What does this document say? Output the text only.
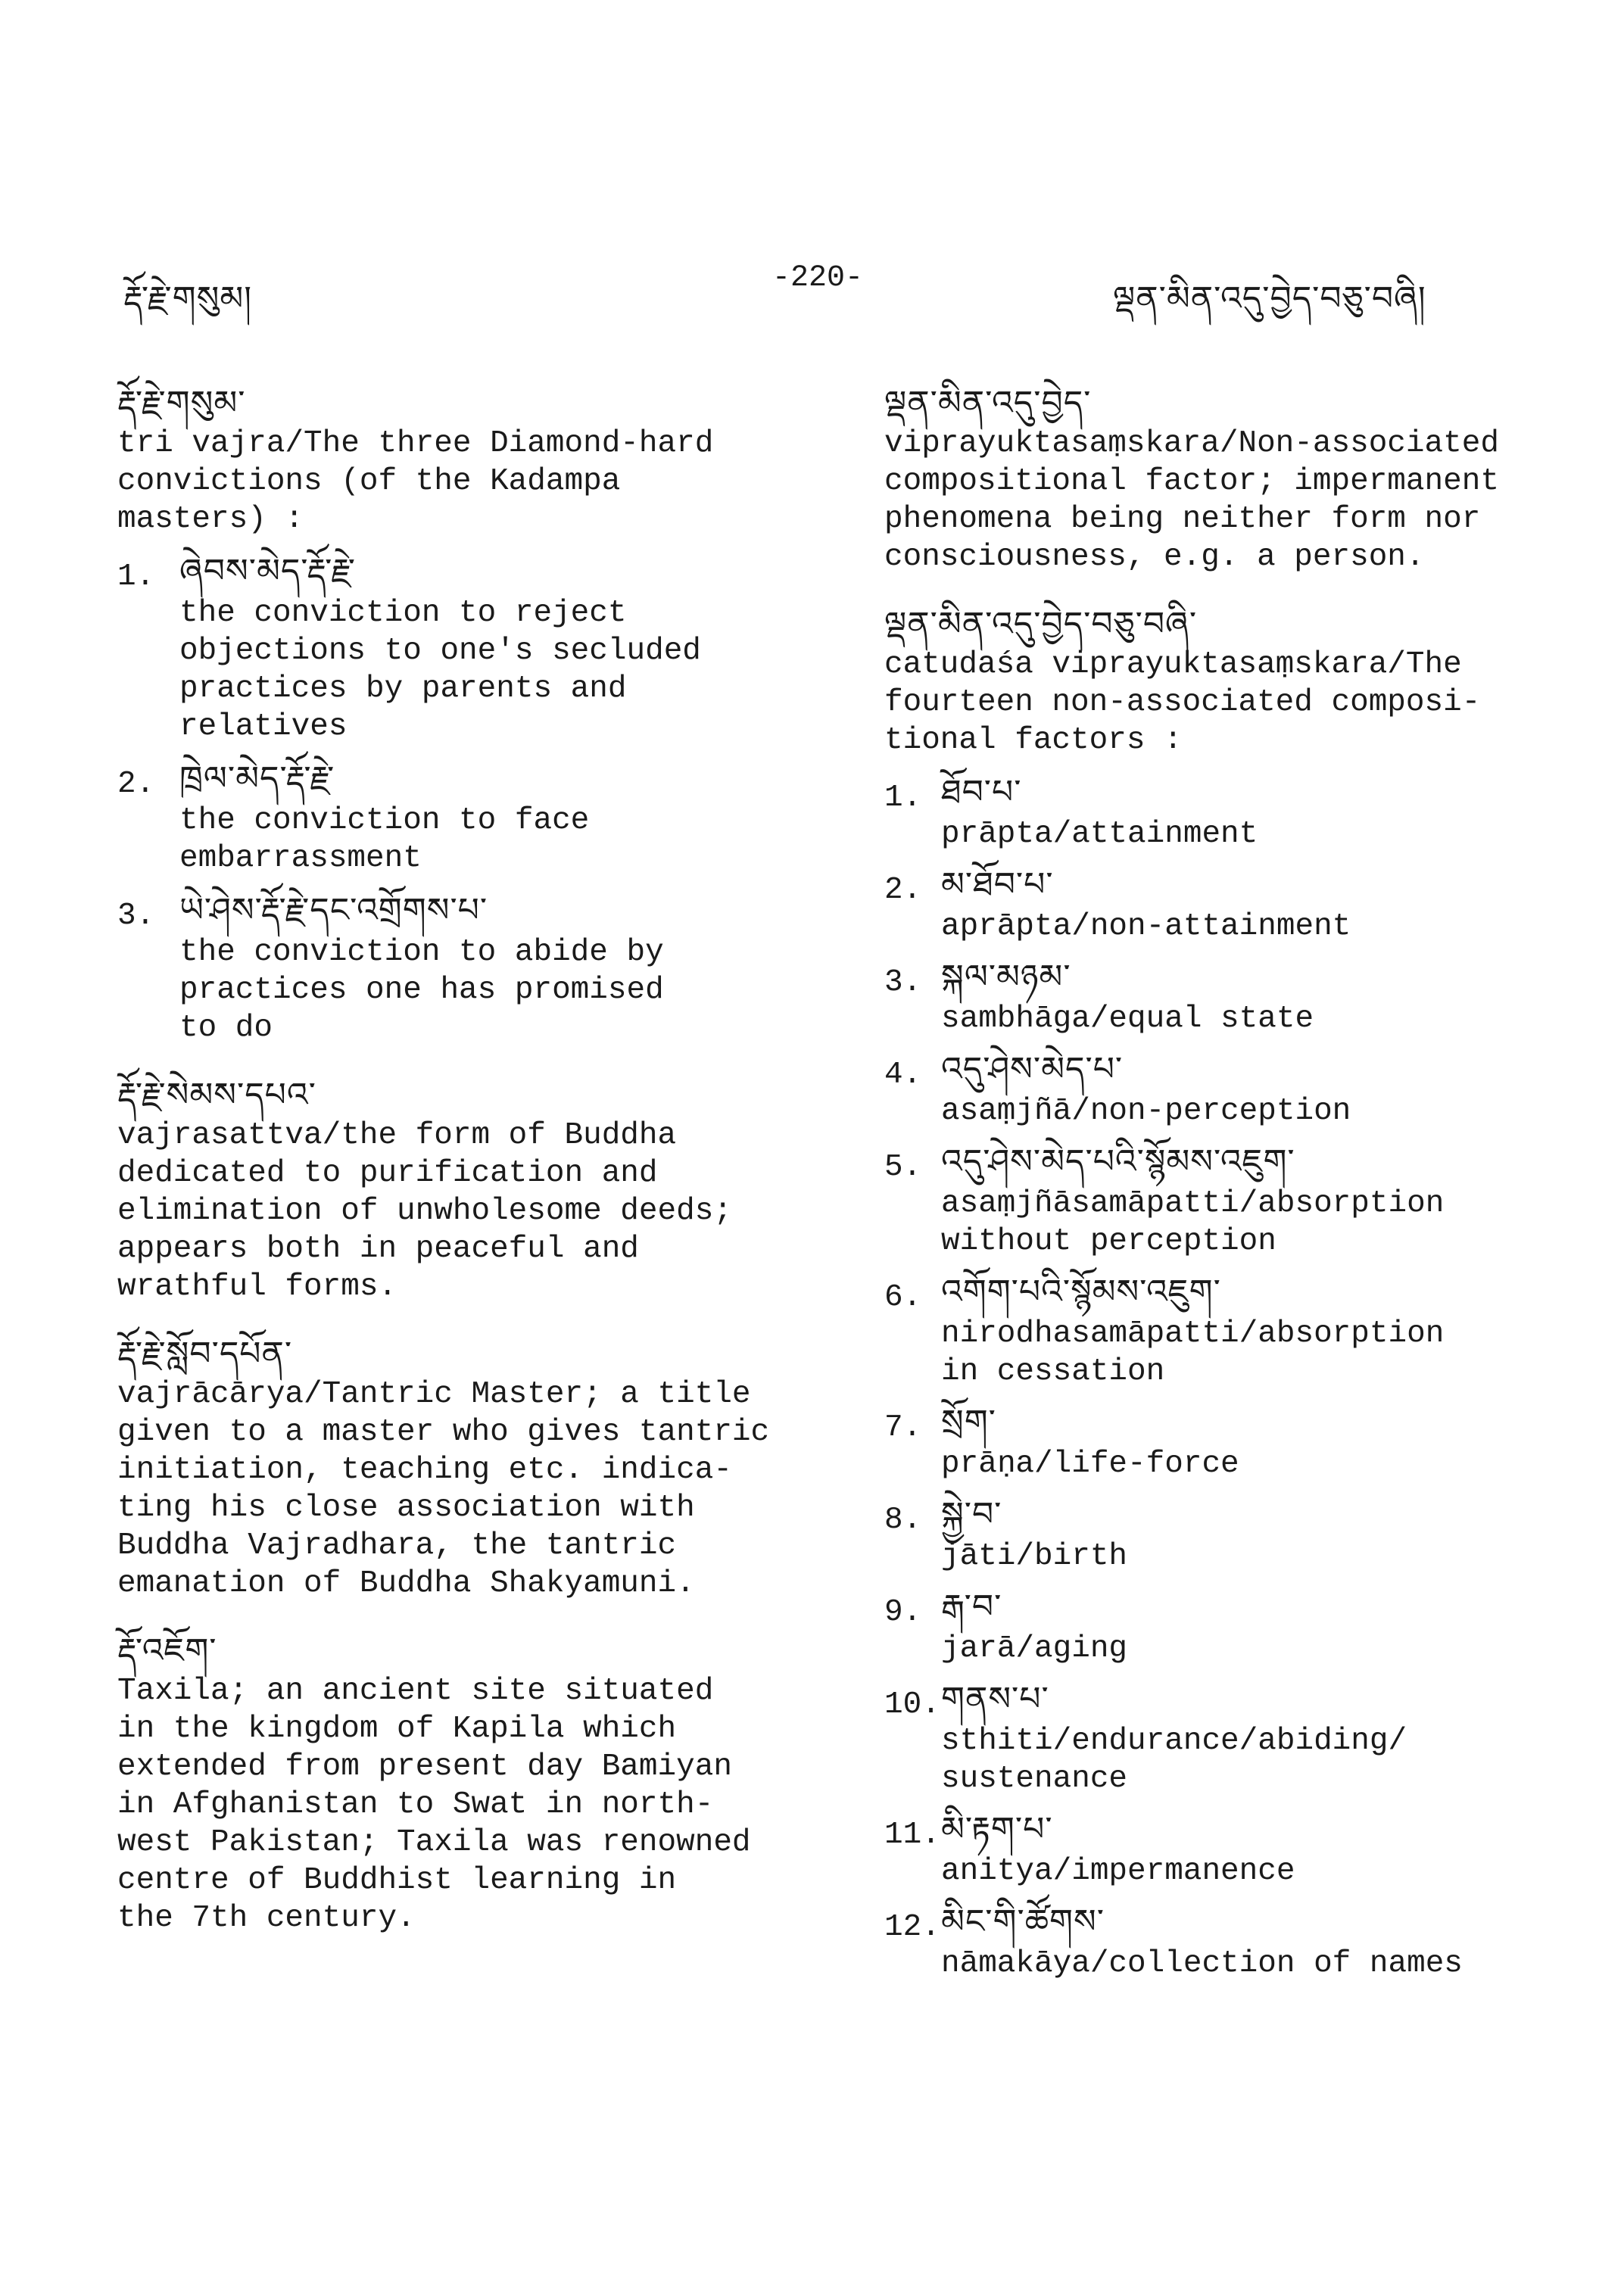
རྡོ་རྗེ་གསུམ།
-220-
ལྡན་མིན་འདུ་བྱེད་བཅུ་བཞི།
རྡོ་རྗེ་གསུམ་
tri vajra/The three Diamond-hard
convictions (of the Kadampa
masters) :
1. ཞེབས་མེད་རྡོ་རྗེ་
the conviction to reject
objections to one's secluded
practices by parents and
relatives
2. ཁྲེལ་མེད་རྡོ་རྗེ་
the conviction to face
embarrassment
3. ཡེ་ཤེས་རྡོ་རྗེ་དང་འགྲོགས་པ་
the conviction to abide by
practices one has promised
to do
རྡོ་རྗེ་སེམས་དཔའ་
vajrasattva/the form of Buddha
dedicated to purification and
elimination of unwholesome deeds;
appears both in peaceful and
wrathful forms.
རྡོ་རྗེ་སློབ་དཔོན་
vajrācārya/Tantric Master; a title
given to a master who gives tantric
initiation, teaching etc. indica-
ting his close association with
Buddha Vajradhara, the tantric
emanation of Buddha Shakyamuni.
རྡོ་འཇོག་
Taxila; an ancient site situated
in the kingdom of Kapila which
extended from present day Bamiyan
in Afghanistan to Swat in north-
west Pakistan; Taxila was renowned
centre of Buddhist learning in
the 7th century.
ལྡན་མིན་འདུ་བྱེད་
viprayuktasaṃskara/Non-associated
compositional factor; impermanent
phenomena being neither form nor
consciousness, e.g. a person.
ལྡན་མིན་འདུ་བྱེད་བཅུ་བཞི་
catudaśa viprayuktasaṃskara/The
fourteen non-associated composi-
tional factors :
1. ཐོབ་པ་
prāpta/attainment
2. མ་ཐོབ་པ་
aprāpta/non-attainment
3. སྐལ་མཉམ་
sambhāga/equal state
4. འདུ་ཤེས་མེད་པ་
asaṃjñā/non-perception
5. འདུ་ཤེས་མེད་པའི་སྙོམས་འཇུག་
asaṃjñāsamāpatti/absorption
without perception
6. འགོག་པའི་སྙོམས་འཇུག་
nirodhasamāpatti/absorption
in cessation
7. སྲོག་
prāṇa/life-force
8. སྐྱེ་བ་
jāti/birth
9. རྒ་བ་
jarā/aging
10. གནས་པ་
sthiti/endurance/abiding/
sustenance
11. མི་རྟག་པ་
anitya/impermanence
12. མིང་གི་ཚོགས་
nāmakāya/collection of names
